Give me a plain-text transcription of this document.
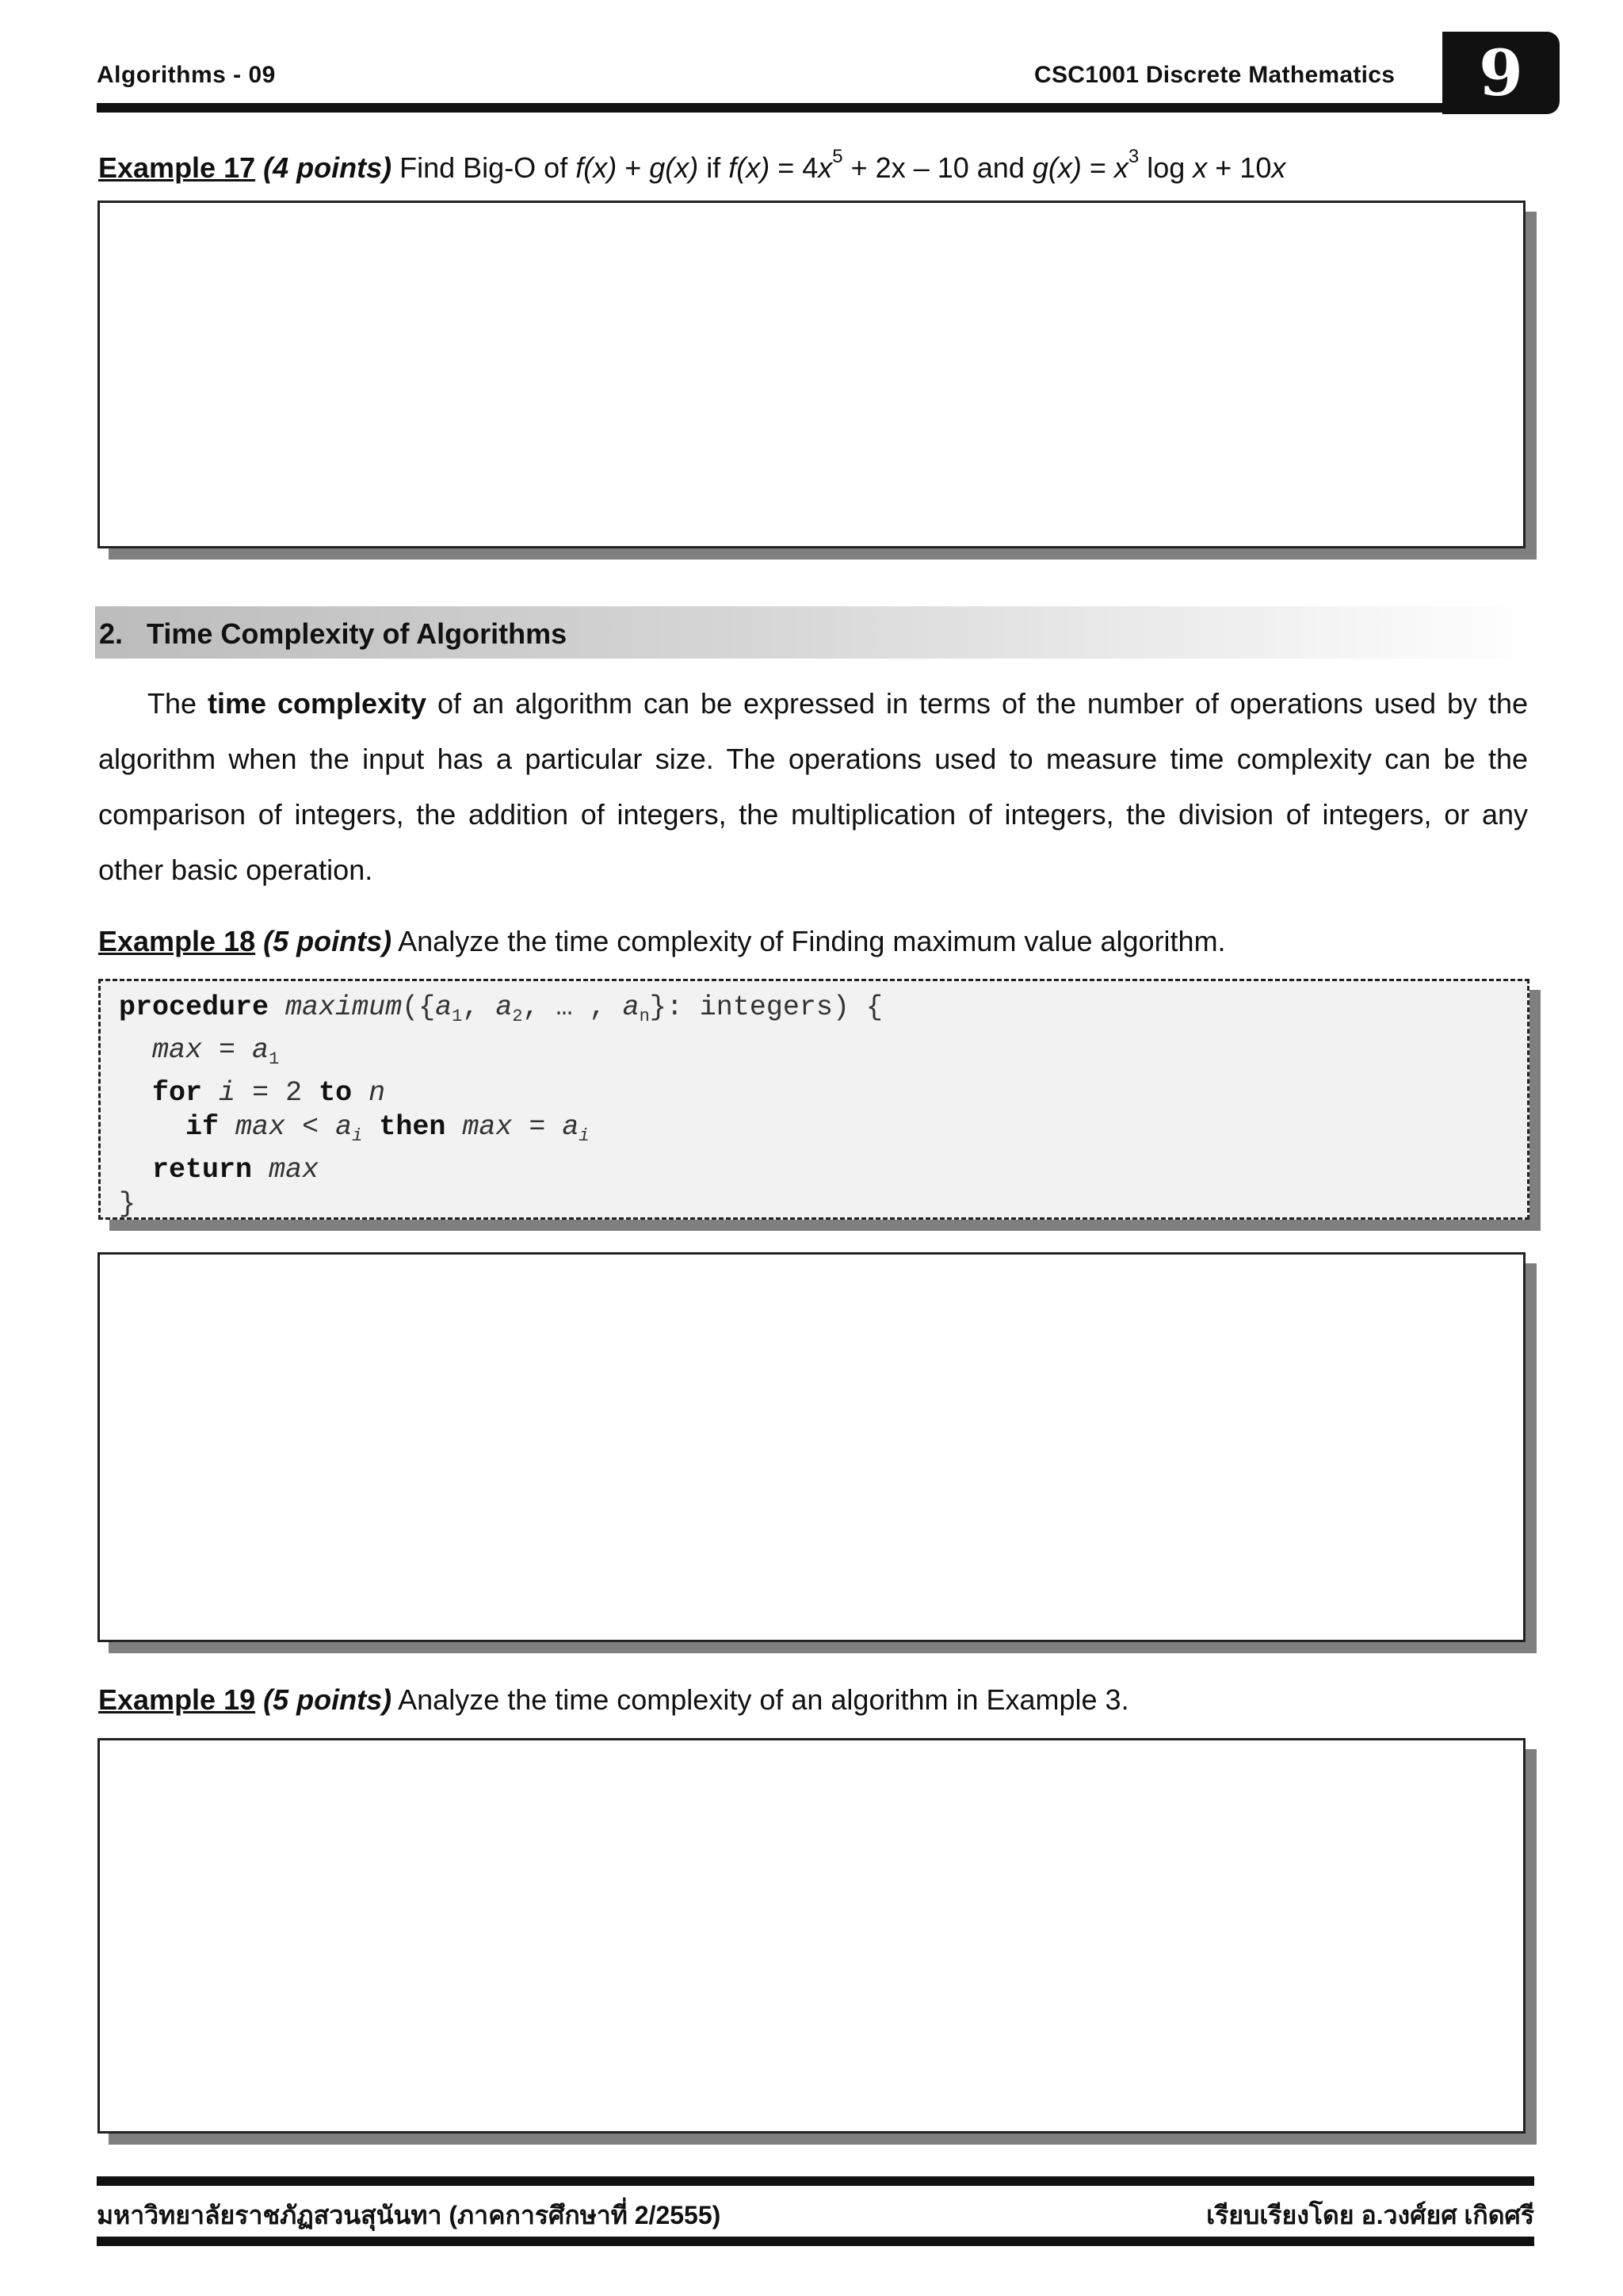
Algorithms - 09	CSC1001 Discrete Mathematics	9
Example 17 (4 points) Find Big-O of f(x) + g(x) if $f(x) = 4x^5 + 2x - 10$ and $g(x) = x^3$ log x + 10x
2.   Time Complexity of Algorithms
The time complexity of an algorithm can be expressed in terms of the number of operations used by the algorithm when the input has a particular size. The operations used to measure time complexity can be the comparison of integers, the addition of integers, the multiplication of integers, the division of integers, or any other basic operation.
Example 18 (5 points) Analyze the time complexity of Finding maximum value algorithm.
procedure $maximum(\{a_1$, $a_2$, … , $a_n$}: integers) {
$\max = a_1$
for i = 2 to n
if $\max < a_i$ then $\max = a_i$
return max
}
Example 19 (5 points) Analyze the time complexity of an algorithm in Example 3.
มหาวิทยาลัยราชภัฏสวนสุนันทา (ภาคการศึกษาที่ 2/2555)	เรียบเรียงโดย อ.วงศ์ยศ เกิดศรี
